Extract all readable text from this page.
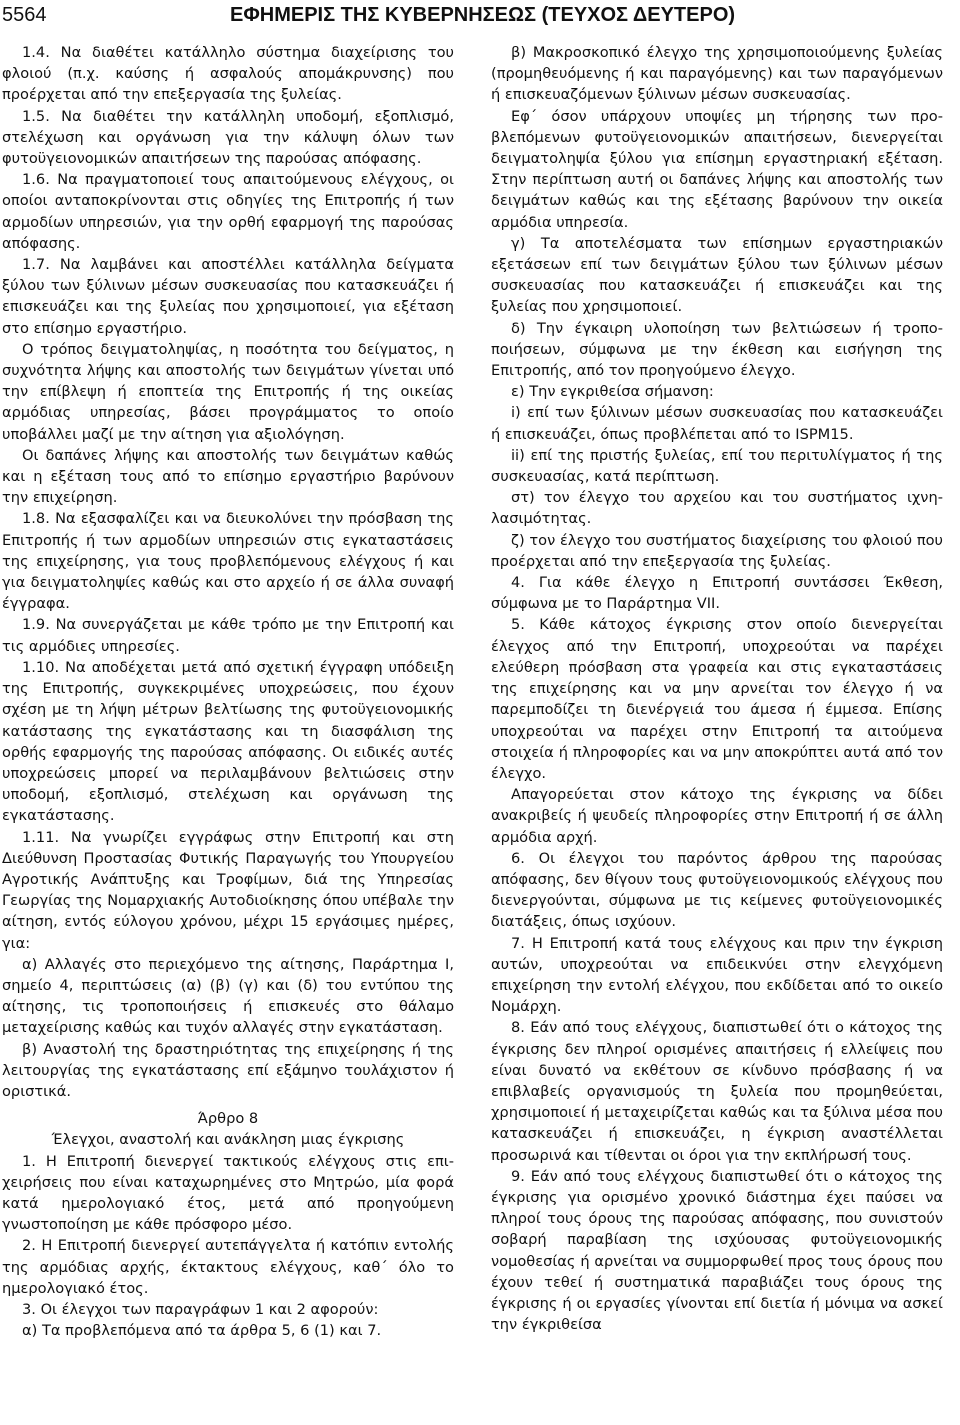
5564	ΕΦΗΜΕΡΙΣ ΤΗΣ ΚΥΒΕΡΝΗΣΕΩΣ (ΤΕΥΧΟΣ ΔΕΥΤΕΡΟ)

1.4. Να διαθέτει κατάλληλο σύστημα διαχείρισης του φλοιού (π.χ. καύσης ή ασφαλούς απομάκρυνσης) που προέρχεται από την επεξεργασία της ξυλείας.

1.5. Να διαθέτει την κατάλληλη υποδομή, εξοπλισμό, στελέχωση και οργάνωση για την κάλυψη όλων των φυτοϋγειονομικών απαιτήσεων της παρούσας απόφασης.

1.6. Να πραγματοποιεί τους απαιτούμενους ελέγχους, οι οποίοι ανταποκρίνονται στις οδηγίες της Επιτροπής ή των αρμοδίων υπηρεσιών, για την ορθή εφαρμογή της παρούσας απόφασης.

1.7. Να λαμβάνει και αποστέλλει κατάλληλα δείγματα ξύλου των ξύλινων μέσων συσκευασίας που κατασκευάζει ή επισκευάζει και της ξυλείας που χρησιμοποιεί, για εξέταση στο επίσημο εργαστήριο.

Ο τρόπος δειγματοληψίας, η ποσότητα του δείγματος, η συχνότητα λήψης και αποστολής των δειγμάτων γίνεται υπό την επίβλεψη ή εποπτεία της Επιτροπής ή της οικείας αρμόδιας υπηρεσίας, βάσει προγράμματος το οποίο υποβάλλει μαζί με την αίτηση για αξιολόγηση.

Οι δαπάνες λήψης και αποστολής των δειγμάτων καθώς και η εξέταση τους από το επίσημο εργαστήριο βαρύνουν την επιχείρηση.

1.8. Να εξασφαλίζει και να διευκολύνει την πρόσβαση της Επιτροπής ή των αρμοδίων υπηρεσιών στις εγκαταστάσεις της επιχείρησης, για τους προβλεπόμενους ελέγχους ή και για δειγματοληψίες καθώς και στο αρχείο ή σε άλλα συναφή έγγραφα.

1.9. Να συνεργάζεται με κάθε τρόπο με την Επιτροπή και τις αρμόδιες υπηρεσίες.

1.10. Να αποδέχεται μετά από σχετική έγγραφη υπόδειξη της Επιτροπής, συγκεκριμένες υποχρεώσεις, που έχουν σχέση με τη λήψη μέτρων βελτίωσης της φυτοϋγειονομικής κατάστασης της εγκατάστασης και τη διασφάλιση της ορθής εφαρμογής της παρούσας απόφασης. Οι ειδικές αυτές υποχρεώσεις μπορεί να περιλαμβάνουν βελτιώσεις στην υποδομή, εξοπλισμό, στελέχωση και οργάνωση της εγκατάστασης.

1.11. Να γνωρίζει εγγράφως στην Επιτροπή και στη Διεύθυνση Προστασίας Φυτικής Παραγωγής του Υπουργείου Αγροτικής Ανάπτυξης και Τροφίμων, διά της Υπηρεσίας Γεωργίας της Νομαρχιακής Αυτοδιοίκησης όπου υπέβαλε την αίτηση, εντός εύλογου χρόνου, μέχρι 15 εργάσιμες ημέρες, για:

α) Αλλαγές στο περιεχόμενο της αίτησης, Παράρτημα Ι, σημείο 4, περιπτώσεις (α) (β) (γ) και (δ) του εντύπου της αίτησης, τις τροποποιήσεις ή επισκευές στο θάλαμο μεταχείρισης καθώς και τυχόν αλλαγές στην εγκατάσταση.

β) Αναστολή της δραστηριότητας της επιχείρησης ή της λειτουργίας της εγκατάστασης επί εξάμηνο τουλάχιστον ή οριστικά.

Άρθρο 8

Έλεγχοι, αναστολή και ανάκληση μιας έγκρισης

1. Η Επιτροπή διενεργεί τακτικούς ελέγχους στις επιχειρήσεις που είναι καταχωρημένες στο Μητρώο, μία φορά κατά ημερολογιακό έτος, μετά από προηγούμενη γνωστοποίηση με κάθε πρόσφορο μέσο.

2. Η Επιτροπή διενεργεί αυτεπάγγελτα ή κατόπιν εντολής της αρμόδιας αρχής, έκτακτους ελέγχους, καθ΄ όλο το ημερολογιακό έτος.

3. Οι έλεγχοι των παραγράφων 1 και 2 αφορούν:

α) Τα προβλεπόμενα από τα άρθρα 5, 6 (1) και 7.

β) Μακροσκοπικό έλεγχο της χρησιμοποιούμενης ξυλείας (προμηθευόμενης ή και παραγόμενης) και των παραγόμενων ή επισκευαζόμενων ξύλινων μέσων συσκευασίας.

Εφ΄ όσον υπάρχουν υποψίες μη τήρησης των προβλεπόμενων φυτοϋγειονομικών απαιτήσεων, διενεργείται δειγματοληψία ξύλου για επίσημη εργαστηριακή εξέταση. Στην περίπτωση αυτή οι δαπάνες λήψης και αποστολής των δειγμάτων καθώς και της εξέτασης βαρύνουν την οικεία αρμόδια υπηρεσία.

γ) Τα αποτελέσματα των επίσημων εργαστηριακών εξετάσεων επί των δειγμάτων ξύλου των ξύλινων μέσων συσκευασίας που κατασκευάζει ή επισκευάζει και της ξυλείας που χρησιμοποιεί.

δ) Την έγκαιρη υλοποίηση των βελτιώσεων ή τροποποιήσεων, σύμφωνα με την έκθεση και εισήγηση της Επιτροπής, από τον προηγούμενο έλεγχο.

ε) Την εγκριθείσα σήμανση:

i) επί των ξύλινων μέσων συσκευασίας που κατασκευάζει ή επισκευάζει, όπως προβλέπεται από το ISPM15.

ii) επί της πριστής ξυλείας, επί του περιτυλίγματος ή της συσκευασίας, κατά περίπτωση.

στ) τον έλεγχο του αρχείου και του συστήματος ιχνηλασιμότητας.

ζ) τον έλεγχο του συστήματος διαχείρισης του φλοιού που προέρχεται από την επεξεργασία της ξυλείας.

4. Για κάθε έλεγχο η Επιτροπή συντάσσει Έκθεση, σύμφωνα με το Παράρτημα VII.

5. Κάθε κάτοχος έγκρισης στον οποίο διενεργείται έλεγχος από την Επιτροπή, υποχρεούται να παρέχει ελεύθερη πρόσβαση στα γραφεία και στις εγκαταστάσεις της επιχείρησης και να μην αρνείται τον έλεγχο ή να παρεμποδίζει τη διενέργειά του άμεσα ή έμμεσα. Επίσης υποχρεούται να παρέχει στην Επιτροπή τα αιτούμενα στοιχεία ή πληροφορίες και να μην αποκρύπτει αυτά από τον έλεγχο.

Απαγορεύεται στον κάτοχο της έγκρισης να δίδει ανακριβείς ή ψευδείς πληροφορίες στην Επιτροπή ή σε άλλη αρμόδια αρχή.

6. Οι έλεγχοι του παρόντος άρθρου της παρούσας απόφασης, δεν θίγουν τους φυτοϋγειονομικούς ελέγχους που διενεργούνται, σύμφωνα με τις κείμενες φυτοϋγειονομικές διατάξεις, όπως ισχύουν.

7. Η Επιτροπή κατά τους ελέγχους και πριν την έγκριση αυτών, υποχρεούται να επιδεικνύει στην ελεγχόμενη επιχείρηση την εντολή ελέγχου, που εκδίδεται από το οικείο Νομάρχη.

8. Εάν από τους ελέγχους, διαπιστωθεί ότι ο κάτοχος της έγκρισης δεν πληροί ορισμένες απαιτήσεις ή ελλείψεις που είναι δυνατό να εκθέτουν σε κίνδυνο πρόσβασης ή να επιβλαβείς οργανισμούς τη ξυλεία που προμηθεύεται, χρησιμοποιεί ή μεταχειρίζεται καθώς και τα ξύλινα μέσα που κατασκευάζει ή επισκευάζει, η έγκριση αναστέλλεται προσωρινά και τίθενται οι όροι για την εκπλήρωσή τους.

9. Εάν από τους ελέγχους διαπιστωθεί ότι ο κάτοχος της έγκρισης για ορισμένο χρονικό διάστημα έχει παύσει να πληροί τους όρους της παρούσας απόφασης, που συνιστούν σοβαρή παραβίαση της ισχύουσας φυτοϋγειονομικής νομοθεσίας ή αρνείται να συμμορφωθεί προς τους όρους που έχουν τεθεί ή συστηματικά παραβιάζει τους όρους της έγκρισης ή οι εργασίες γίνονται επί διετία ή μόνιμα να ασκεί την έγκριθείσα
